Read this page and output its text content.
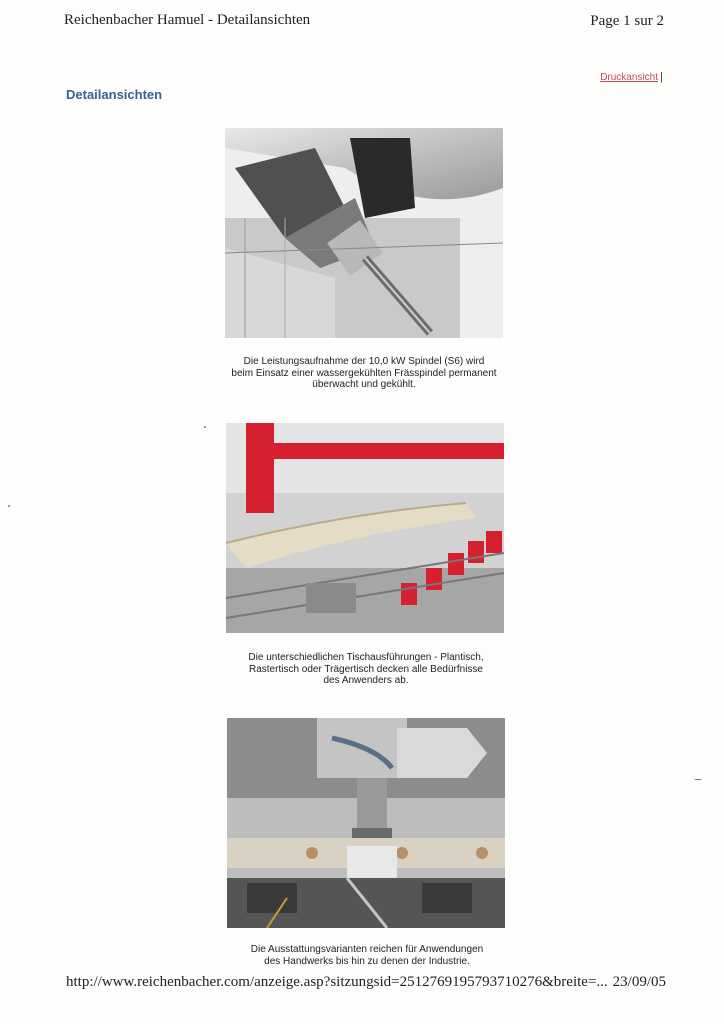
Reichenbacher Hamuel - Detailansichten	Page 1 sur 2
Druckansicht |
Detailansichten
Die Leistungsaufnahme der 10,0 kW Spindel (S6) wird
beim Einsatz einer wassergekühlten Frässpindel permanent
überwacht und gekühlt.
Die unterschiedlichen Tischausführungen - Plantisch,
Rastertisch oder Trägertisch decken alle Bedürfnisse
des Anwenders ab.
Die Ausstattungsvarianten reichen für Anwendungen
des Handwerks bis hin zu denen der Industrie.
http://www.reichenbacher.com/anzeige.asp?sitzungsid=2512769195793710276&breite=... 23/09/05
